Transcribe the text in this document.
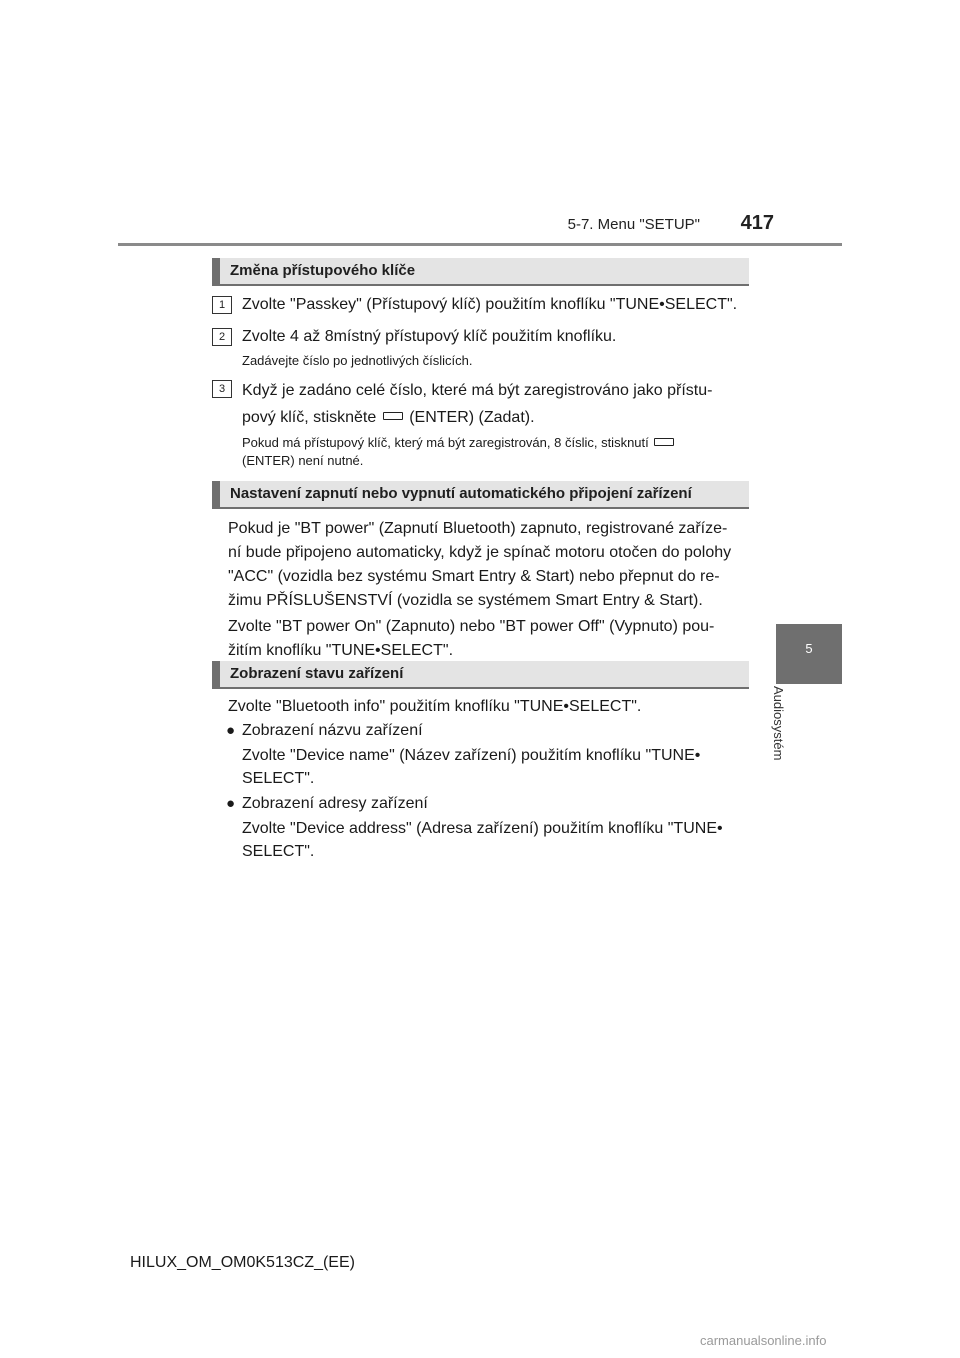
5-7. Menu "SETUP"	417
5
Audiosystém
Změna přístupového klíče
1	Zvolte "Passkey" (Přístupový klíč) použitím knoflíku "TUNE•SELECT".
2	Zvolte 4 až 8místný přístupový klíč použitím knoflíku.
Zadávejte číslo po jednotlivých číslicích.
3	Když je zadáno celé číslo, které má být zaregistrováno jako přístu-
pový klíč, stiskněte (ENTER) (Zadat).
Pokud má přístupový klíč, který má být zaregistrován, 8 číslic, stisknutí
(ENTER) není nutné.
Nastavení zapnutí nebo vypnutí automatického připojení zařízení
Pokud je "BT power" (Zapnutí Bluetooth) zapnuto, registrované zaříze-
ní bude připojeno automaticky, když je spínač motoru otočen do polohy
"ACC" (vozidla bez systému Smart Entry & Start) nebo přepnut do re-
žimu PŘÍSLUŠENSTVÍ (vozidla se systémem Smart Entry & Start).
Zvolte "BT power On" (Zapnuto) nebo "BT power Off" (Vypnuto) pou-
žitím knoflíku "TUNE•SELECT".
Zobrazení stavu zařízení
Zvolte "Bluetooth info" použitím knoflíku "TUNE•SELECT".
● Zobrazení názvu zařízení
Zvolte "Device name" (Název zařízení) použitím knoflíku "TUNE•
SELECT".
● Zobrazení adresy zařízení
Zvolte "Device address" (Adresa zařízení) použitím knoflíku "TUNE•
SELECT".
HILUX_OM_OM0K513CZ_(EE)
carmanualsonline.info
